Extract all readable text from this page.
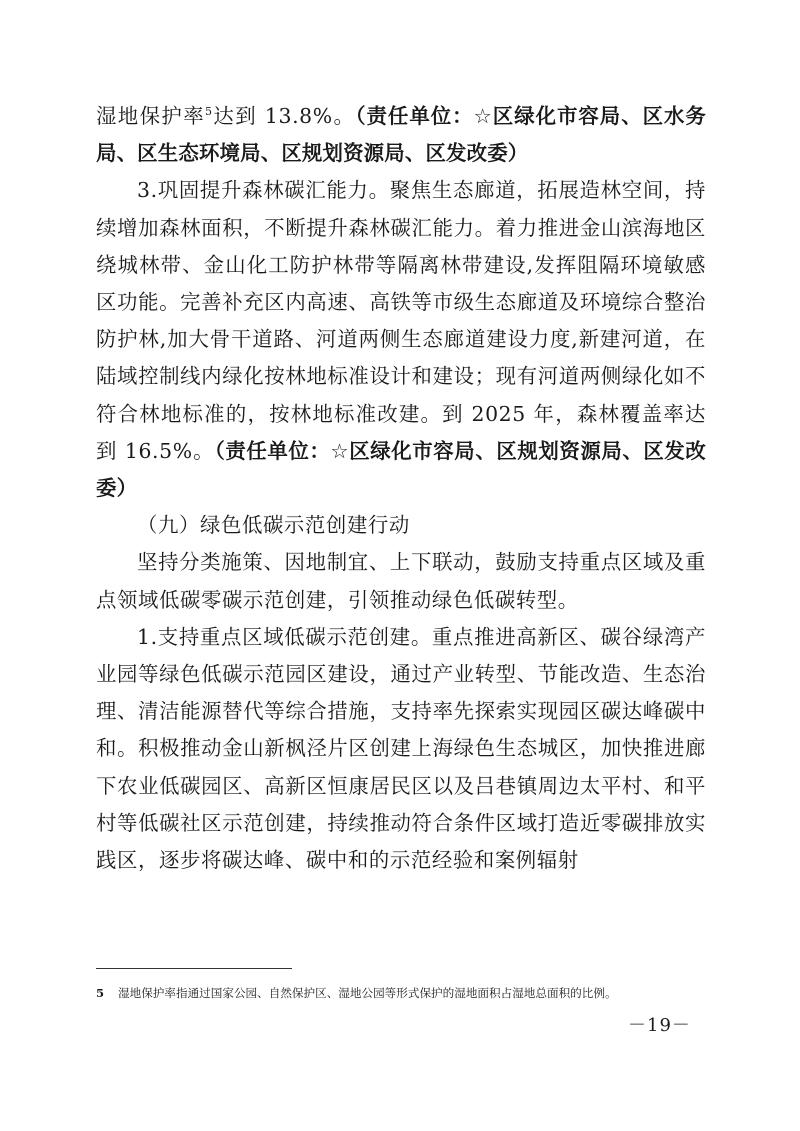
湿地保护率$^5$达到 13.8%。（责任单位：☆区绿化市容局、区水务局、区生态环境局、区规划资源局、区发改委）

3.巩固提升森林碳汇能力。聚焦生态廊道，拓展造林空间，持续增加森林面积，不断提升森林碳汇能力。着力推进金山滨海地区绕城林带、金山化工防护林带等隔离林带建设,发挥阻隔环境敏感区功能。完善补充区内高速、高铁等市级生态廊道及环境综合整治防护林,加大骨干道路、河道两侧生态廊道建设力度,新建河道，在陆域控制线内绿化按林地标准设计和建设；现有河道两侧绿化如不符合林地标准的，按林地标准改建。到 2025 年，森林覆盖率达到 16.5%。（责任单位：☆区绿化市容局、区规划资源局、区发改委）

（九）绿色低碳示范创建行动

坚持分类施策、因地制宜、上下联动，鼓励支持重点区域及重点领域低碳零碳示范创建，引领推动绿色低碳转型。

1.支持重点区域低碳示范创建。重点推进高新区、碳谷绿湾产业园等绿色低碳示范园区建设，通过产业转型、节能改造、生态治理、清洁能源替代等综合措施，支持率先探索实现园区碳达峰碳中和。积极推动金山新枫泾片区创建上海绿色生态城区，加快推进廊下农业低碳园区、高新区恒康居民区以及吕巷镇周边太平村、和平村等低碳社区示范创建，持续推动符合条件区域打造近零碳排放实践区，逐步将碳达峰、碳中和的示范经验和案例辐射

5 湿地保护率指通过国家公园、自然保护区、湿地公园等形式保护的湿地面积占湿地总面积的比例。
－19－
